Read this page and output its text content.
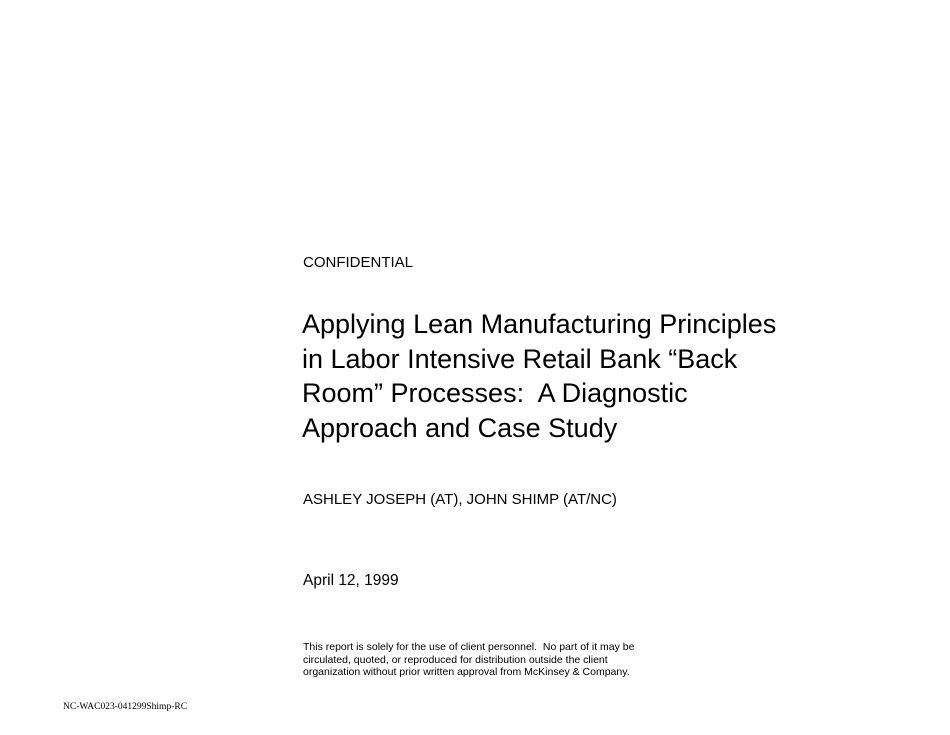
CONFIDENTIAL
Applying Lean Manufacturing Principles
in Labor Intensive Retail Bank “Back
Room” Processes:  A Diagnostic
Approach and Case Study
ASHLEY JOSEPH (AT), JOHN SHIMP (AT/NC)
April 12, 1999
This report is solely for the use of client personnel.  No part of it may be
circulated, quoted, or reproduced for distribution outside the client
organization without prior written approval from McKinsey & Company.
NC-WAC023-041299Shimp-RC
